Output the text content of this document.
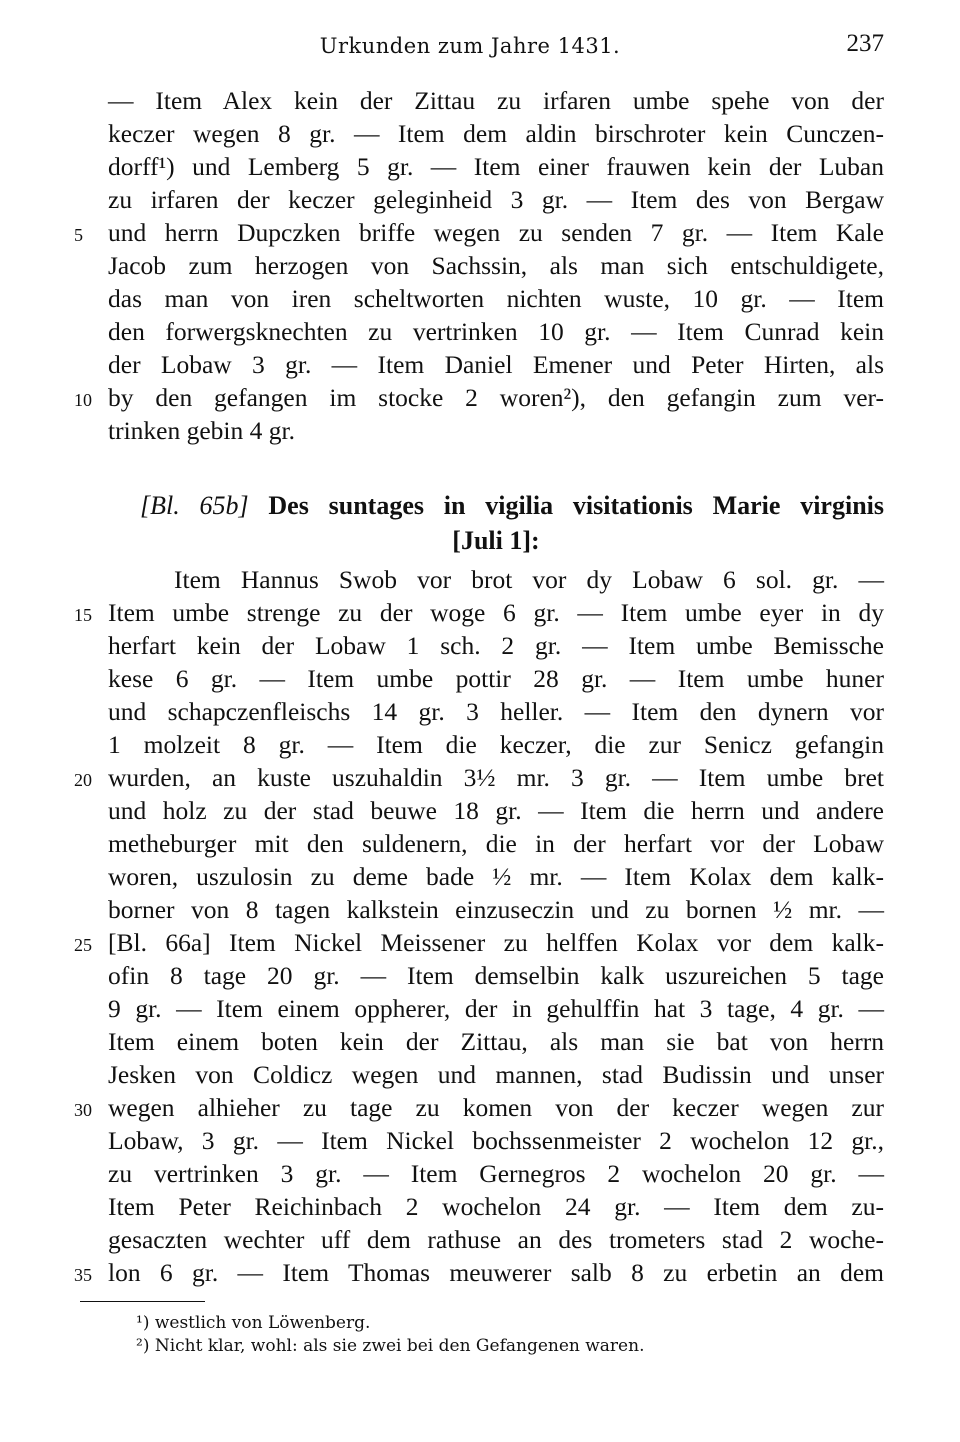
Urkunden zum Jahre 1431.	237
— Item Alex kein der Zittau zu irfaren umbe spehe von der
keczer wegen 8 gr. — Item dem aldin birschroter kein Cunczen-
dorff¹) und Lemberg 5 gr. — Item einer frauwen kein der Luban
zu irfaren der keczer geleginheid 3 gr. — Item des von Bergaw
und herrn Dupczken briffe wegen zu senden 7 gr. — Item Kale
Jacob zum herzogen von Sachssin, als man sich entschuldigete,
das man von iren scheltworten nichten wuste, 10 gr. — Item
den forwergsknechten zu vertrinken 10 gr. — Item Cunrad kein
der Lobaw 3 gr. — Item Daniel Emener und Peter Hirten, als
by den gefangen im stocke 2 woren²), den gefangin zum ver-
trinken gebin 4 gr.
5
10
[Bl. 65b] Des suntages in vigilia visitationis Marie virginis
[Juli 1]:
Item Hannus Swob vor brot vor dy Lobaw 6 sol. gr. —
Item umbe strenge zu der woge 6 gr. — Item umbe eyer in dy
herfart kein der Lobaw 1 sch. 2 gr. — Item umbe Bemissche
kese 6 gr. — Item umbe pottir 28 gr. — Item umbe huner
und schapczenfleischs 14 gr. 3 heller. — Item den dynern vor
1 molzeit 8 gr. — Item die keczer, die zur Senicz gefangin
wurden, an kuste uszuhaldin 3½ mr. 3 gr. — Item umbe bret
und holz zu der stad beuwe 18 gr. — Item die herrn und andere
metheburger mit den suldenern, die in der herfart vor der Lobaw
woren, uszulosin zu deme bade ½ mr. — Item Kolax dem kalk-
borner von 8 tagen kalkstein einzuseczin und zu bornen ½ mr. —
[Bl. 66a] Item Nickel Meissener zu helffen Kolax vor dem kalk-
ofin 8 tage 20 gr. — Item demselbin kalk uszureichen 5 tage
9 gr. — Item einem oppherer, der in gehulffin hat 3 tage, 4 gr. —
Item einem boten kein der Zittau, als man sie bat von herrn
Jesken von Coldicz wegen und mannen, stad Budissin und unser
wegen alhieher zu tage zu komen von der keczer wegen zur
Lobaw, 3 gr. — Item Nickel bochssenmeister 2 wochelon 12 gr.,
zu vertrinken 3 gr. — Item Gernegros 2 wochelon 20 gr. —
Item Peter Reichinbach 2 wochelon 24 gr. — Item dem zu-
gesaczten wechter uff dem rathuse an des trometers stad 2 woche-
lon 6 gr. — Item Thomas meuwerer salb 8 zu erbetin an dem
15
20
25
30
35
¹) westlich von Löwenberg.
²) Nicht klar, wohl: als sie zwei bei den Gefangenen waren.
